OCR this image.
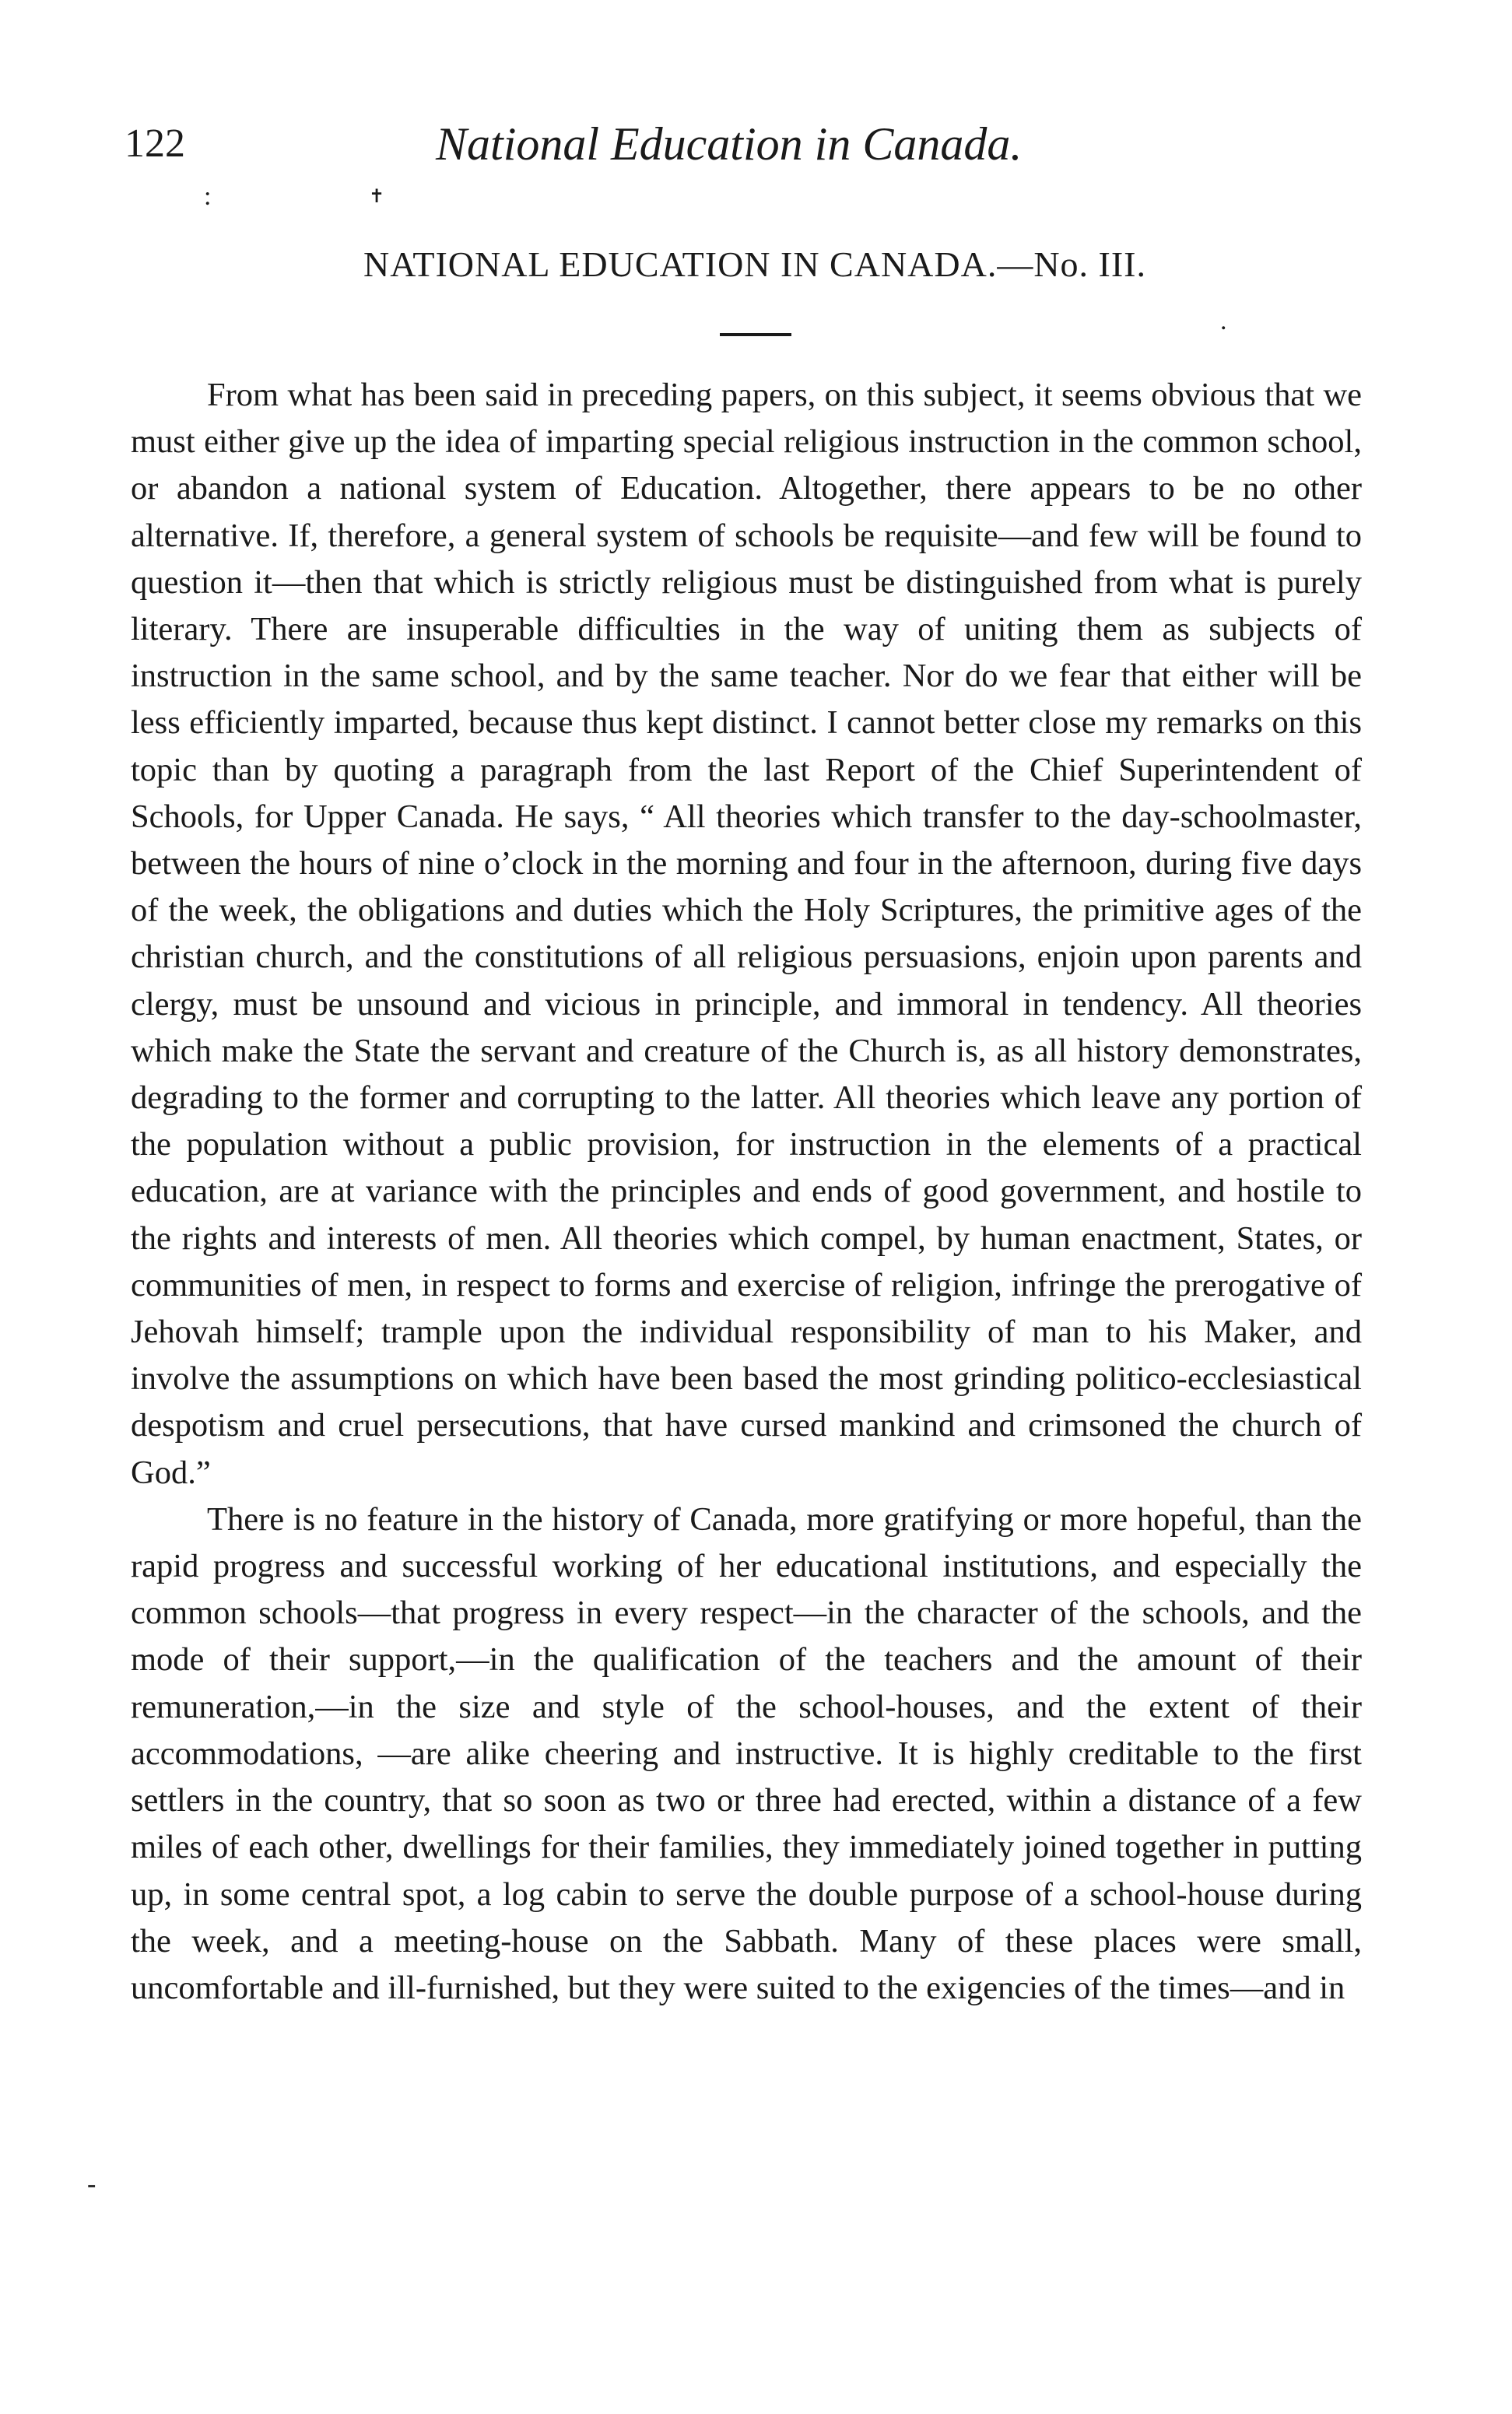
122	National Education in Canada.
:	✝
.
-
NATIONAL EDUCATION IN CANADA.—No. III.

From what has been said in preceding papers, on this subject, it seems obvious that we must either give up the idea of imparting special religious instruction in the common school, or abandon a national system of Education. Altogether, there appears to be no other alternative. If, therefore, a general system of schools be requisite—and few will be found to question it—then that which is strictly religious must be distinguished from what is purely literary. There are insuperable difficulties in the way of uniting them as subjects of instruction in the same school, and by the same teacher. Nor do we fear that either will be less efficiently imparted, because thus kept distinct. I cannot better close my remarks on this topic than by quoting a paragraph from the last Report of the Chief Superintendent of Schools, for Upper Canada. He says, “ All theories which transfer to the day-schoolmaster, between the hours of nine o’clock in the morning and four in the afternoon, during five days of the week, the obligations and duties which the Holy Scriptures, the primitive ages of the christian church, and the constitutions of all religious persuasions, enjoin upon parents and clergy, must be unsound and vicious in principle, and immoral in tendency. All theories which make the State the servant and creature of the Church is, as all history demonstrates, degrading to the former and corrupting to the latter. All theories which leave any portion of the population without a public provision, for instruction in the elements of a practical education, are at variance with the principles and ends of good government, and hostile to the rights and interests of men. All theories which compel, by human enactment, States, or communities of men, in respect to forms and exercise of religion, infringe the prerogative of Jehovah himself; trample upon the individual responsibility of man to his Maker, and involve the assumptions on which have been based the most grinding politico-ecclesiastical despotism and cruel persecutions, that have cursed mankind and crimsoned the church of God.”

There is no feature in the history of Canada, more gratifying or more hopeful, than the rapid progress and successful working of her educational institutions, and especially the common schools—that progress in every respect—in the character of the schools, and the mode of their support,—in the qualification of the teachers and the amount of their remuneration,—in the size and style of the school-houses, and the extent of their accommodations, —are alike cheering and instructive. It is highly creditable to the first settlers in the country, that so soon as two or three had erected, within a distance of a few miles of each other, dwellings for their families, they immediately joined together in putting up, in some central spot, a log cabin to serve the double purpose of a school-house during the week, and a meeting-house on the Sabbath. Many of these places were small, uncomfortable and ill-furnished, but they were suited to the exigencies of the times—and in
